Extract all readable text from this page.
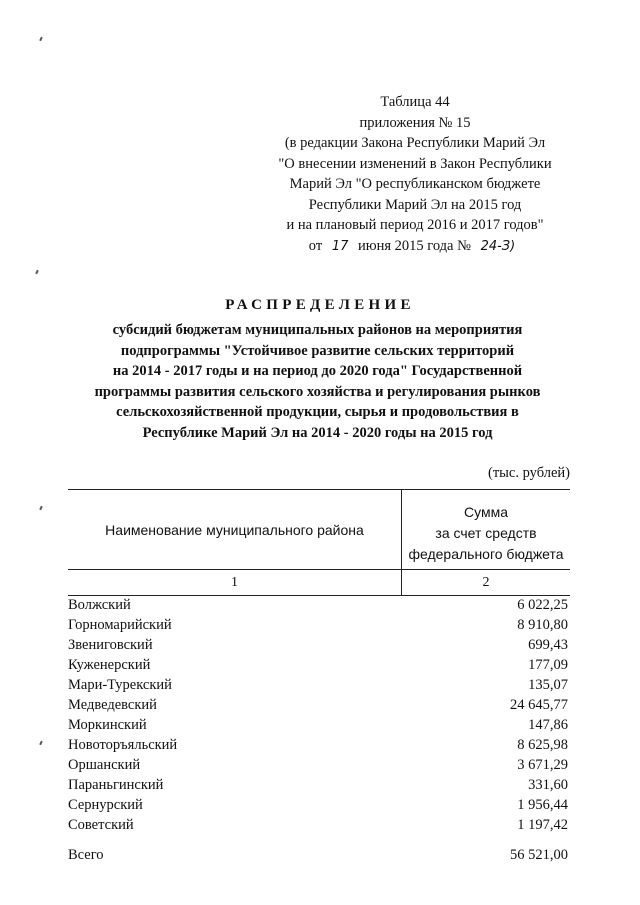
Таблица 44
приложения № 15
(в редакции Закона Республики Марий Эл
"О внесении изменений в Закон Республики
Марий Эл "О республиканском бюджете
Республики Марий Эл на 2015 год
и на плановый период 2016 и 2017 годов"
от 17 июня 2015 года № 24-З)
РАСПРЕДЕЛЕНИЕ
субсидий бюджетам муниципальных районов на мероприятия
подпрограммы "Устойчивое развитие сельских территорий
на 2014 - 2017 годы и на период до 2020 года" Государственной
программы развития сельского хозяйства и регулирования рынков
сельскохозяйственной продукции, сырья и продовольствия в
Республике Марий Эл на 2014 - 2020 годы на 2015 год
(тыс. рублей)
Наименование муниципального района
Сумма
за счет средств
федерального бюджета
1	2
Волжский	6 022,25
Горномарийский	8 910,80
Звениговский	699,43
Куженерский	177,09
Мари-Турекский	135,07
Медведевский	24 645,77
Моркинский	147,86
Новоторъяльский	8 625,98
Оршанский	3 671,29
Параньгинский	331,60
Сернурский	1 956,44
Советский	1 197,42
Всего	56 521,00
